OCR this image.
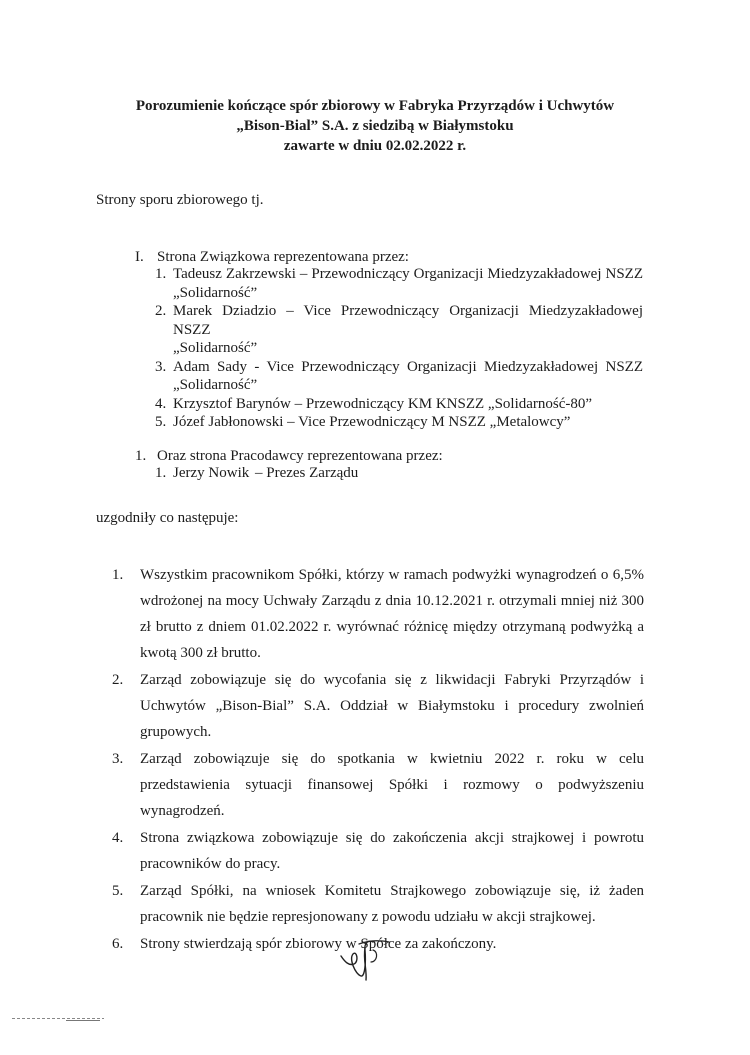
Porozumienie kończące spór zbiorowy w Fabryka Przyrządów i Uchwytów
„Bison-Bial” S.A. z siedzibą w Białymstoku
zawarte w dniu 02.02.2022 r.
Strony sporu zbiorowego tj.
I. Strona Związkowa reprezentowana przez:
1. Tadeusz Zakrzewski – Przewodniczący Organizacji Miedzyzakładowej NSZZ
„Solidarność”
2. Marek Dziadzio – Vice Przewodniczący Organizacji Miedzyzakładowej NSZZ
„Solidarność”
3. Adam Sady - Vice Przewodniczący Organizacji Miedzyzakładowej NSZZ
„Solidarność”
4. Krzysztof Barynów – Przewodniczący KM KNSZZ „Solidarność-80”
5. Józef Jabłonowski – Vice Przewodniczący M NSZZ „Metalowcy”
1. Oraz strona Pracodawcy reprezentowana przez:
1. Jerzy Nowik – Prezes Zarządu
uzgodniły co następuje:
1.	Wszystkim pracownikom Spółki, którzy w ramach podwyżki wynagrodzeń o 6,5% wdrożonej na mocy Uchwały Zarządu z dnia 10.12.2021 r. otrzymali mniej niż 300 zł brutto z dniem 01.02.2022 r. wyrównać różnicę między otrzymaną podwyżką a kwotą 300 zł brutto.
2.	Zarząd zobowiązuje się do wycofania się z likwidacji Fabryki Przyrządów i Uchwytów „Bison-Bial” S.A. Oddział w Białymstoku i procedury zwolnień grupowych.
3.	Zarząd zobowiązuje się do spotkania w kwietniu 2022 r. roku w celu przedstawienia sytuacji finansowej Spółki i rozmowy o podwyższeniu wynagrodzeń.
4.	Strona związkowa zobowiązuje się do zakończenia akcji strajkowej i powrotu pracowników do pracy.
5.	Zarząd Spółki, na wniosek Komitetu Strajkowego zobowiązuje się, iż żaden pracownik nie będzie represjonowany z powodu udziału w akcji strajkowej.
6.	Strony stwierdzają spór zbiorowy w Spółce za zakończony.
